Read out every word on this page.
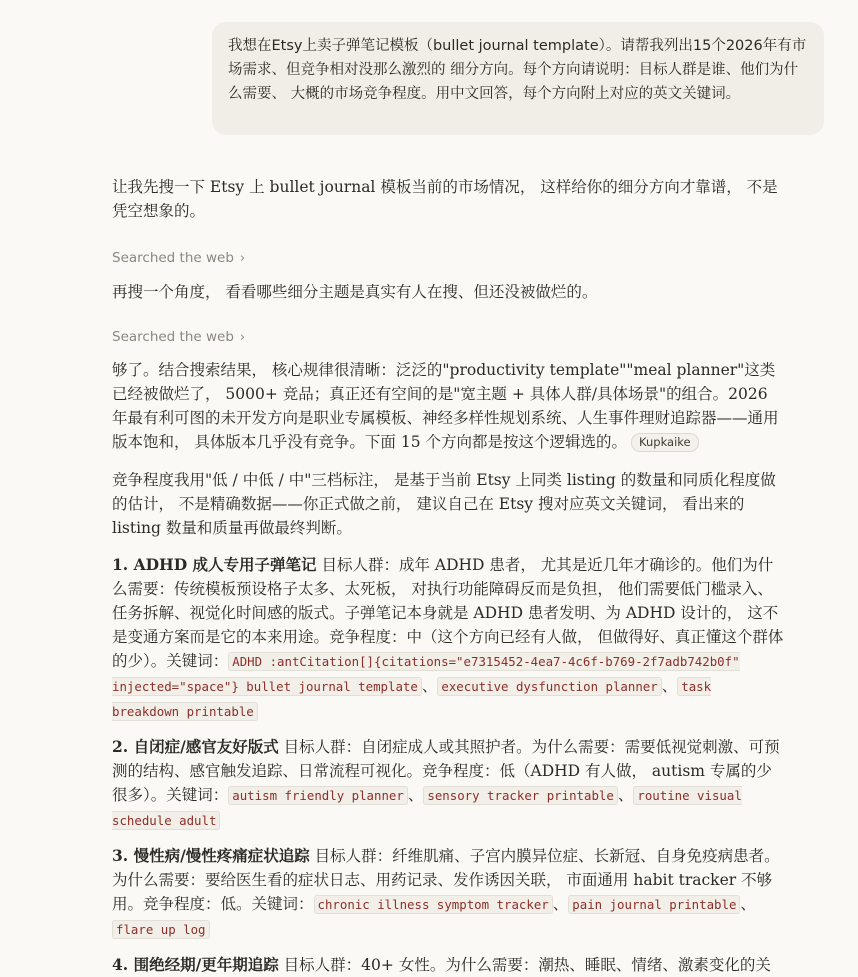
我想在Etsy上卖子弹笔记模板（bullet journal template）。请帮我列出15个2026年有市场需求、但竞争相对没那么激烈的 细分方向。每个方向请说明：目标人群是谁、他们为什么需要、 大概的市场竞争程度。用中文回答，每个方向附上对应的英文关键词。
让我先搜一下 Etsy 上 bullet journal 模板当前的市场情况， 这样给你的细分方向才靠谱， 不是凭空想象的。
Searched the web ›
再搜一个角度， 看看哪些细分主题是真实有人在搜、但还没被做烂的。
Searched the web ›
够了。结合搜索结果， 核心规律很清晰：泛泛的"productivity template""meal planner"这类已经被做烂了， 5000+ 竞品；真正还有空间的是"宽主题 + 具体人群/具体场景"的组合。2026 年最有利可图的未开发方向是职业专属模板、神经多样性规划系统、人生事件理财追踪器——通用版本饱和， 具体版本几乎没有竞争。下面 15 个方向都是按这个逻辑选的。 Kupkaike
竞争程度我用"低 / 中低 / 中"三档标注， 是基于当前 Etsy 上同类 listing 的数量和同质化程度做的估计， 不是精确数据——你正式做之前， 建议自己在 Etsy 搜对应英文关键词， 看出来的 listing 数量和质量再做最终判断。
1. ADHD 成人专用子弹笔记 目标人群：成年 ADHD 患者， 尤其是近几年才确诊的。他们为什么需要：传统模板预设格子太多、太死板， 对执行功能障碍反而是负担， 他们需要低门槛录入、任务拆解、视觉化时间感的版式。子弹笔记本身就是 ADHD 患者发明、为 ADHD 设计的， 这不是变通方案而是它的本来用途。竞争程度：中（这个方向已经有人做， 但做得好、真正懂这个群体的少）。关键词： ADHD :antCitation[]{citations="e7315452-4ea7-4c6f-b769-2f7adb742b0f" injected="space"} bullet journal template 、 executive dysfunction planner 、 task breakdown printable
2. 自闭症/感官友好版式 目标人群：自闭症成人或其照护者。为什么需要：需要低视觉刺激、可预测的结构、感官触发追踪、日常流程可视化。竞争程度：低（ADHD 有人做， autism 专属的少很多）。关键词： autism friendly planner 、 sensory tracker printable 、 routine visual schedule adult
3. 慢性病/慢性疼痛症状追踪 目标人群：纤维肌痛、子宫内膜异位症、长新冠、自身免疫病患者。为什么需要：要给医生看的症状日志、用药记录、发作诱因关联， 市面通用 habit tracker 不够用。竞争程度：低。关键词： chronic illness symptom tracker 、 pain journal printable 、flare up log
4. 围绝经期/更年期追踪 目标人群：40+ 女性。为什么需要：潮热、睡眠、情绪、激素变化的关
